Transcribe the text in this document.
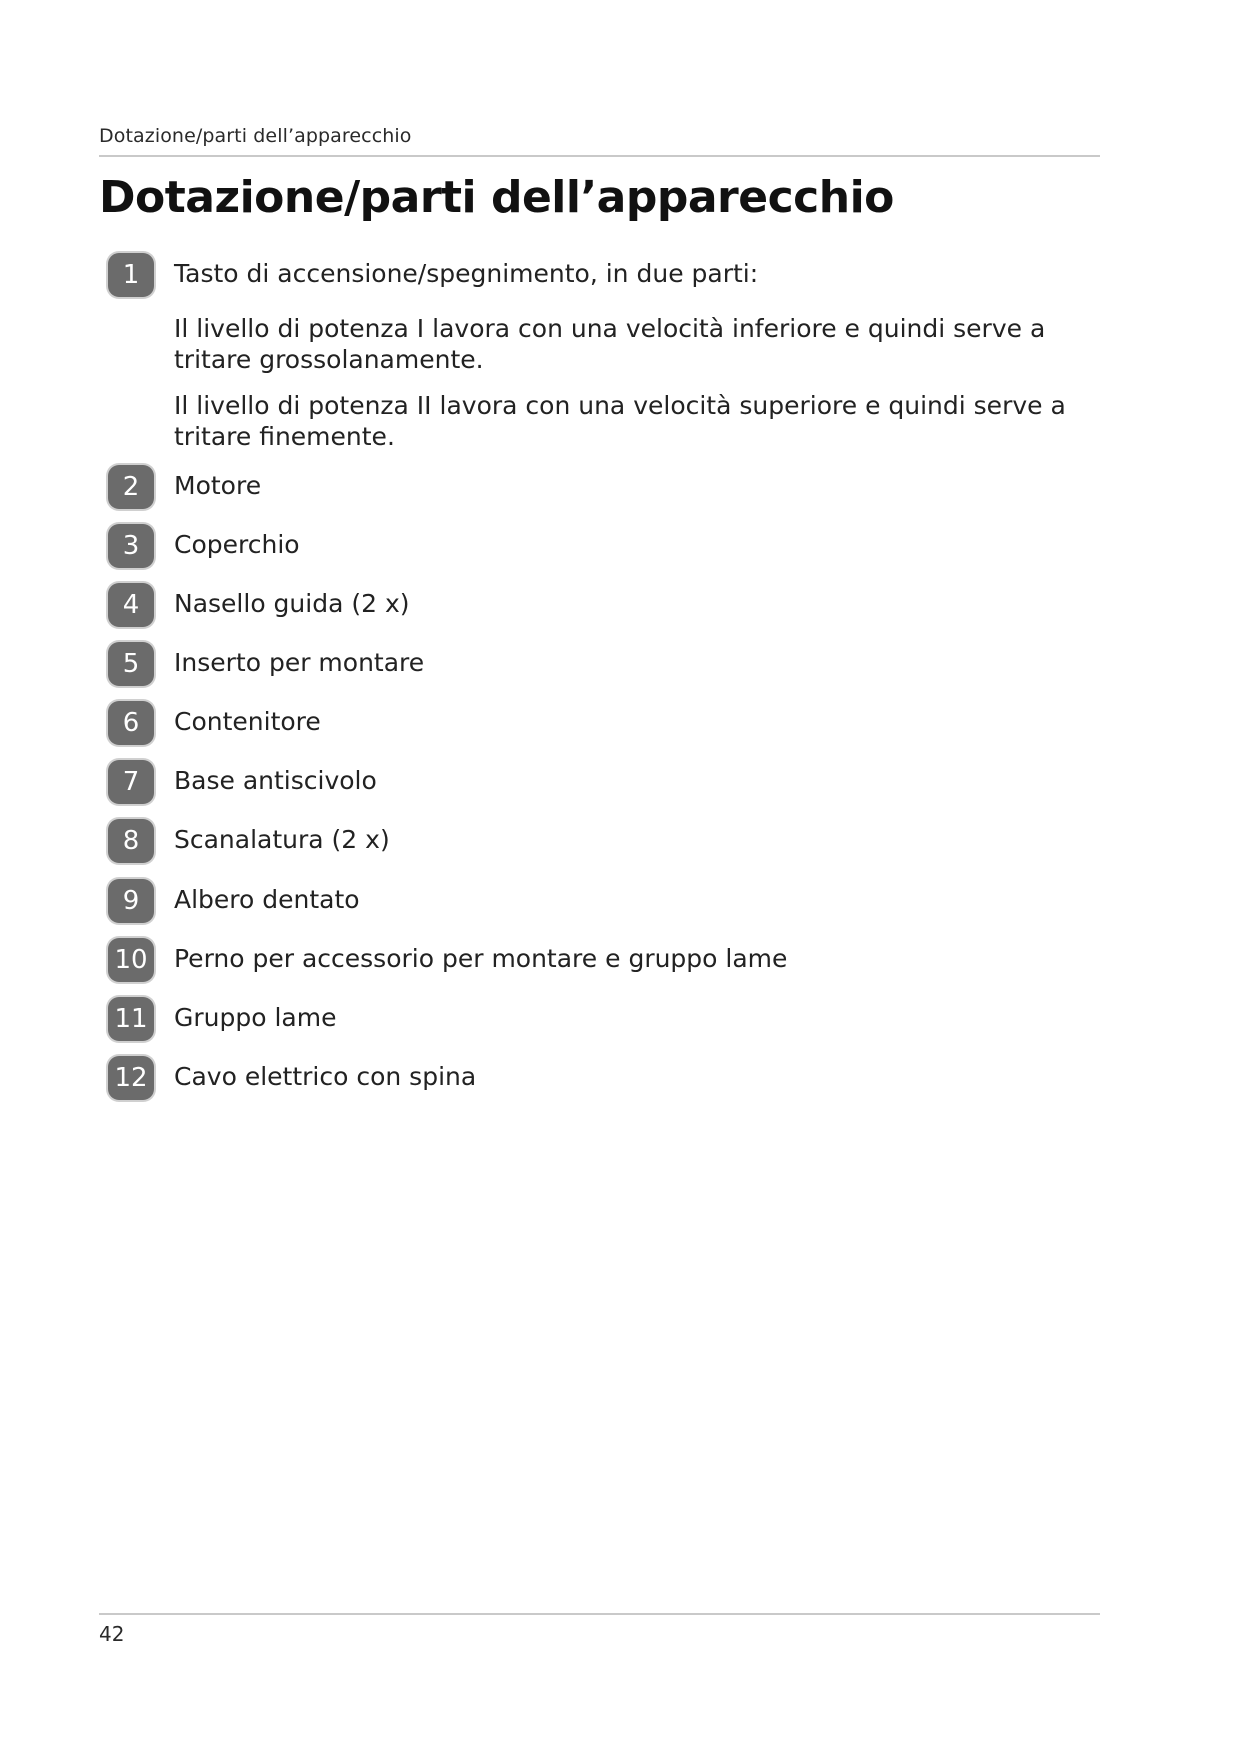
Dotazione/parti dell’apparecchio
Dotazione/parti dell’apparecchio
1	Tasto di accensione/spegnimento, in due parti:

Il livello di potenza I lavora con una velocità inferiore e quindi serve a tritare grossolanamente.

Il livello di potenza II lavora con una velocità superiore e quindi serve a tritare finemente.

2	Motore
3	Coperchio
4	Nasello guida (2 x)
5	Inserto per montare
6	Contenitore
7	Base antiscivolo
8	Scanalatura (2 x)
9	Albero dentato
10 Perno per accessorio per montare e gruppo lame
11 Gruppo lame
12 Cavo elettrico con spina
42
